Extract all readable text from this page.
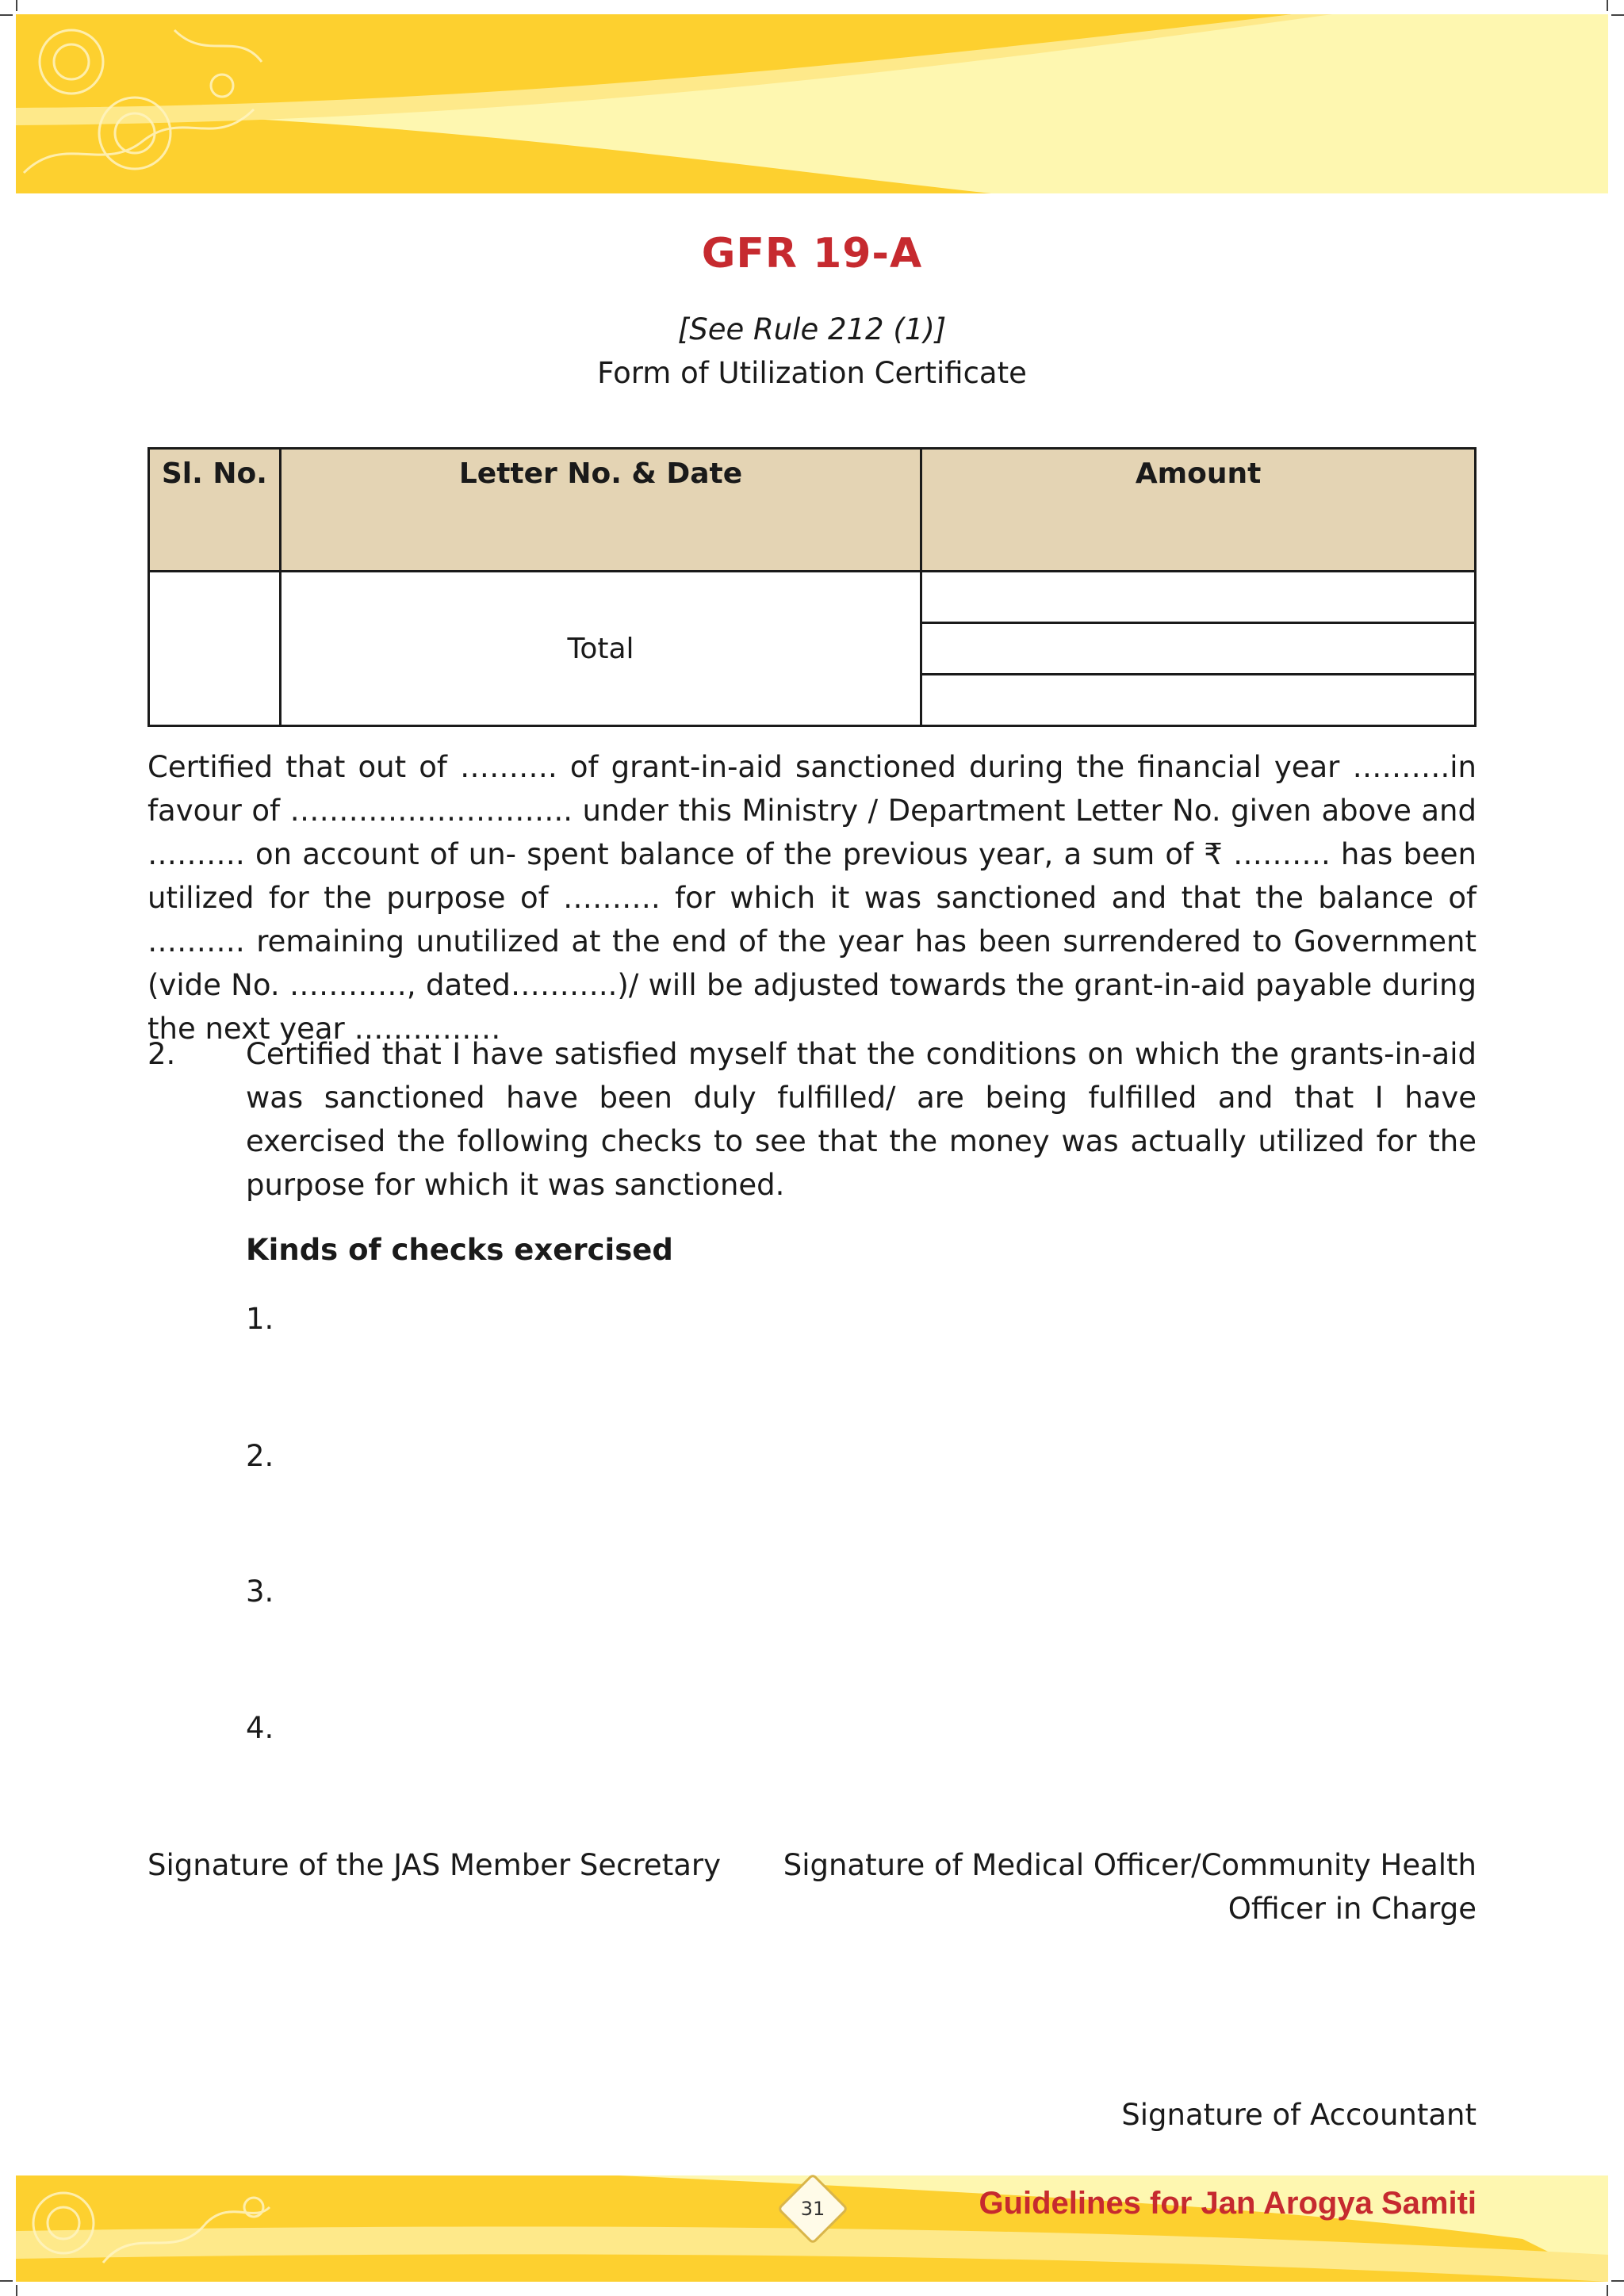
GFR 19-A
[See Rule 212 (1)]
Form of Utilization Certificate
Sl. No.	Letter No. & Date	Amount
	Total	

Certified that out of ………. of grant-in-aid sanctioned during the financial year ……….in favour of ……………………….. under this Ministry / Department Letter No. given above and ………. on account of un- spent balance of the previous year, a sum of ₹ ………. has been utilized for the purpose of ………. for which it was sanctioned and that the balance of ………. remaining unutilized at the end of the year has been surrendered to Government (vide No. …………, dated………..)/ will be adjusted towards the grant-in-aid payable during the next year ……………
2. Certified that I have satisfied myself that the conditions on which the grants-in-aid was sanctioned have been duly fulfilled/ are being fulfilled and that I have exercised the following checks to see that the money was actually utilized for the purpose for which it was sanctioned.
Kinds of checks exercised
1.
2.
3.
4.
Signature of the JAS Member Secretary Signature of Medical Officer/Community Health
Officer in Charge
Signature of Accountant
31	Guidelines for Jan Arogya Samiti
